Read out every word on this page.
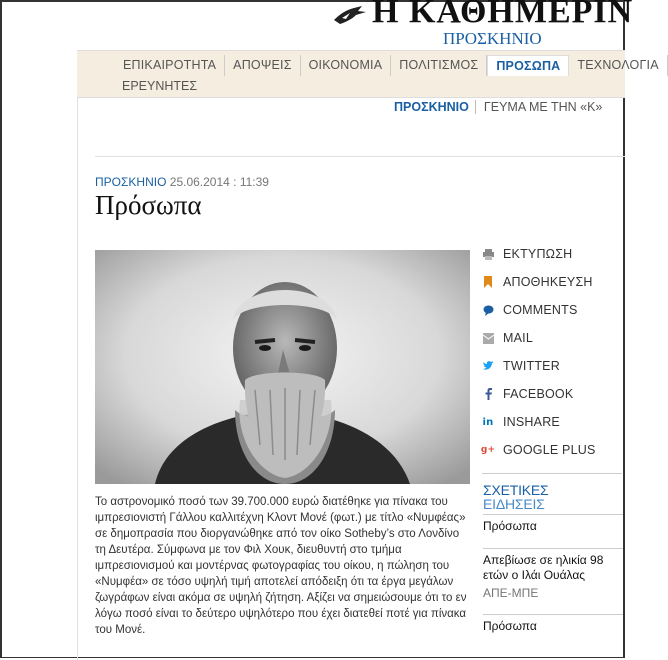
Η ΚΑΘΗΜΕΡΙΝ
ΠΡΟΣΚΗΝΙΟ
ΕΠΙΚΑΙΡΟΤΗΤΑ	ΑΠΟΨΕΙΣ	ΟΙΚΟΝΟΜΙΑ	ΠΟΛΙΤΙΣΜΟΣ	ΠΡΟΣΩΠΑ	ΤΕΧΝΟΛΟΓΙΑ
ΕΡΕΥΝΗΤΕΣ
ΠΡΟΣΚΗΝΙΟ	ΓΕΥΜΑ ΜΕ ΤΗΝ «Κ»
ΠΡΟΣΚΗΝΙΟ 25.06.2014 : 11:39
Πρόσωπα

Το αστρονομικό ποσό των 39.700.000 ευρώ διατέθηκε για πίνακα του ιμπρεσιονιστή Γάλλου καλλιτέχνη Κλοντ Μονέ (φωτ.) με τίτλο «Νυμφέας» σε δημοπρασία που διοργανώθηκε από τον οίκο Sotheby’s στο Λονδίνο τη Δευτέρα. Σύμφωνα με τον Φιλ Χουκ, διευθυντή στο τμήμα ιμπρεσιονισμού και μοντέρνας φωτογραφίας του οίκου, η πώληση του «Νυμφέα» σε τόσο υψηλή τιμή αποτελεί απόδειξη ότι τα έργα μεγάλων ζωγράφων είναι ακόμα σε υψηλή ζήτηση. Αξίζει να σημειώσουμε ότι το εν λόγω ποσό είναι το δεύτερο υψηλότερο που έχει διατεθεί ποτέ για πίνακα του Μονέ.

ΕΚΤΥΠΩΣΗ
ΑΠΟΘΗΚΕΥΣΗ
COMMENTS
MAIL
TWITTER
FACEBOOK
in INSHARE
g+ GOOGLE PLUS
ΣΧΕΤΙΚΕΣ
ΕΙΔΗΣΕΙΣ
Πρόσωπα
Απεβίωσε σε ηλικία 98 ετών ο Ιλάι Ουάλας
ΑΠΕ-ΜΠΕ
Πρόσωπα
